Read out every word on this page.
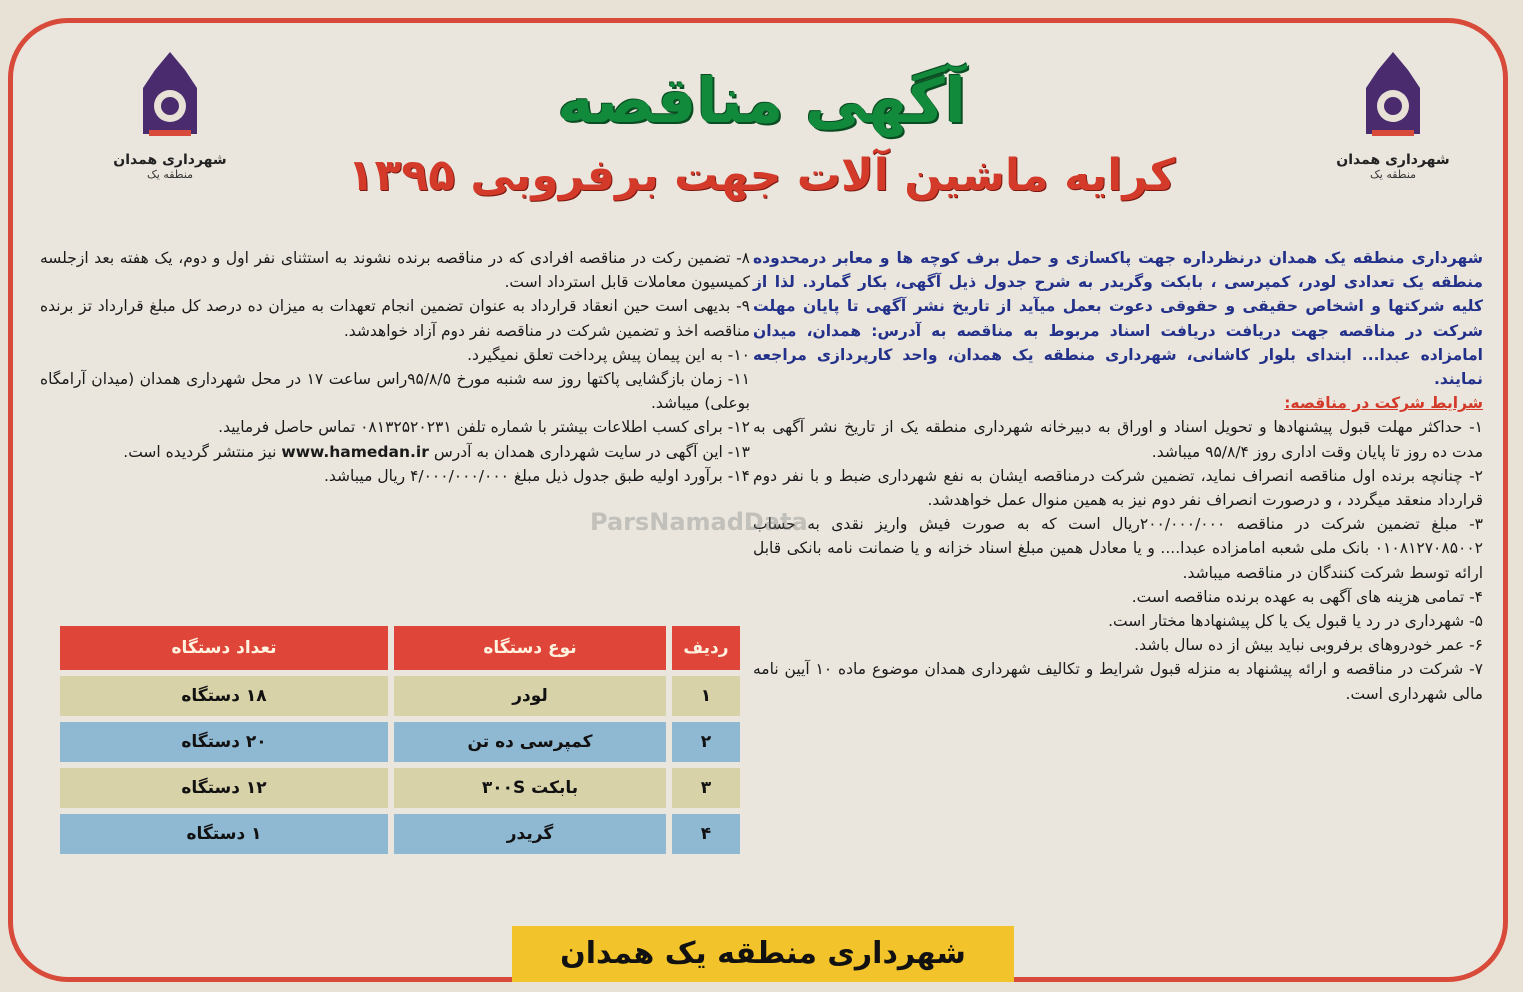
شهرداری همدان
منطقه یک
شهرداری همدان
منطقه یک
آگهی مناقصه
کرایه ماشین آلات جهت برفروبی ۱۳۹۵

شهرداری منطقه یک همدان درنظرداره جهت پاکسازی و حمل برف کوچه ها و معابر درمحدوده منطقه یک تعدادی لودر، کمپرسی ، بابکت وگریدر به شرح جدول ذیل آگهی، بکار گمارد. لذا از کلیه شرکتها و اشخاص حقیقی و حقوقی دعوت بعمل میآید از تاریخ نشر آگهی تا پایان مهلت شرکت در مناقصه جهت دریافت دریافت اسناد مربوط به مناقصه به آدرس: همدان، میدان امامزاده عبدا... ابتدای بلوار کاشانی، شهرداری منطقه یک همدان، واحد کارپردازی مراجعه نمایند.

شرایط شرکت در مناقصه:

۱- حداکثر مهلت قبول پیشنهادها و تحویل اسناد و اوراق به دبیرخانه شهرداری منطقه یک از تاریخ نشر آگهی به مدت ده روز تا پایان وقت اداری روز ۹۵/۸/۴ میباشد.

۲- چنانچه برنده اول مناقصه انصراف نماید، تضمین شرکت درمناقصه ایشان به نفع شهرداری ضبط و با نفر دوم قرارداد منعقد میگردد ، و درصورت انصراف نفر دوم نیز به همین منوال عمل خواهدشد.

۳- مبلغ تضمین شرکت در مناقصه ۲۰۰/۰۰۰/۰۰۰ریال است که به صورت فیش واریز نقدی به حساب ۰۱۰۸۱۲۷۰۸۵۰۰۲ بانک ملی شعبه امامزاده عبدا.... و یا معادل همین مبلغ اسناد خزانه و یا ضمانت نامه بانکی قابل ارائه توسط شرکت کنندگان در مناقصه میباشد.

۴- تمامی هزینه های آگهی به عهده برنده مناقصه است.

۵- شهرداری در رد یا قبول یک یا کل پیشنهادها مختار است.

۶- عمر خودروهای برفروبی نباید بیش از ده سال باشد.

۷- شرکت در مناقصه و ارائه پیشنهاد به منزله قبول شرایط و تکالیف شهرداری همدان موضوع ماده ۱۰ آیین نامه مالی شهرداری است.

۸- تضمین رکت در مناقصه افرادی که در مناقصه برنده نشوند به استثنای نفر اول و دوم، یک هفته بعد ازجلسه کمیسیون معاملات قابل استرداد است.

۹- بدیهی است حین انعقاد قرارداد به عنوان تضمین انجام تعهدات به میزان ده درصد کل مبلغ قرارداد تز برنده مناقصه اخذ و تضمین شرکت در مناقصه نفر دوم آزاد خواهدشد.

۱۰- به این پیمان پیش پرداخت تعلق نمیگیرد.

۱۱- زمان بازگشایی پاکتها روز سه شنبه مورخ ۹۵/۸/۵راس ساعت ۱۷ در محل شهرداری همدان (میدان آرامگاه بوعلی) میباشد.

۱۲- برای کسب اطلاعات بیشتر با شماره تلفن ۰۸۱۳۲۵۲۰۲۳۱ تماس حاصل فرمایید.

۱۳- این آگهی در سایت شهرداری همدان به آدرس www.hamedan.ir نیز منتشر گردیده است.

۱۴- برآورد اولیه طبق جدول ذیل مبلغ ۴/۰۰۰/۰۰۰/۰۰۰ ریال میباشد.

ParsNamadData
ردیف
نوع دستگاه
تعداد دستگاه
۱
لودر
۱۸ دستگاه
۲
کمپرسی ده تن
۲۰ دستگاه
۳
بابکت ۳۰۰S
۱۲ دستگاه
۴
گریدر
۱ دستگاه
شهرداری منطقه یک همدان
